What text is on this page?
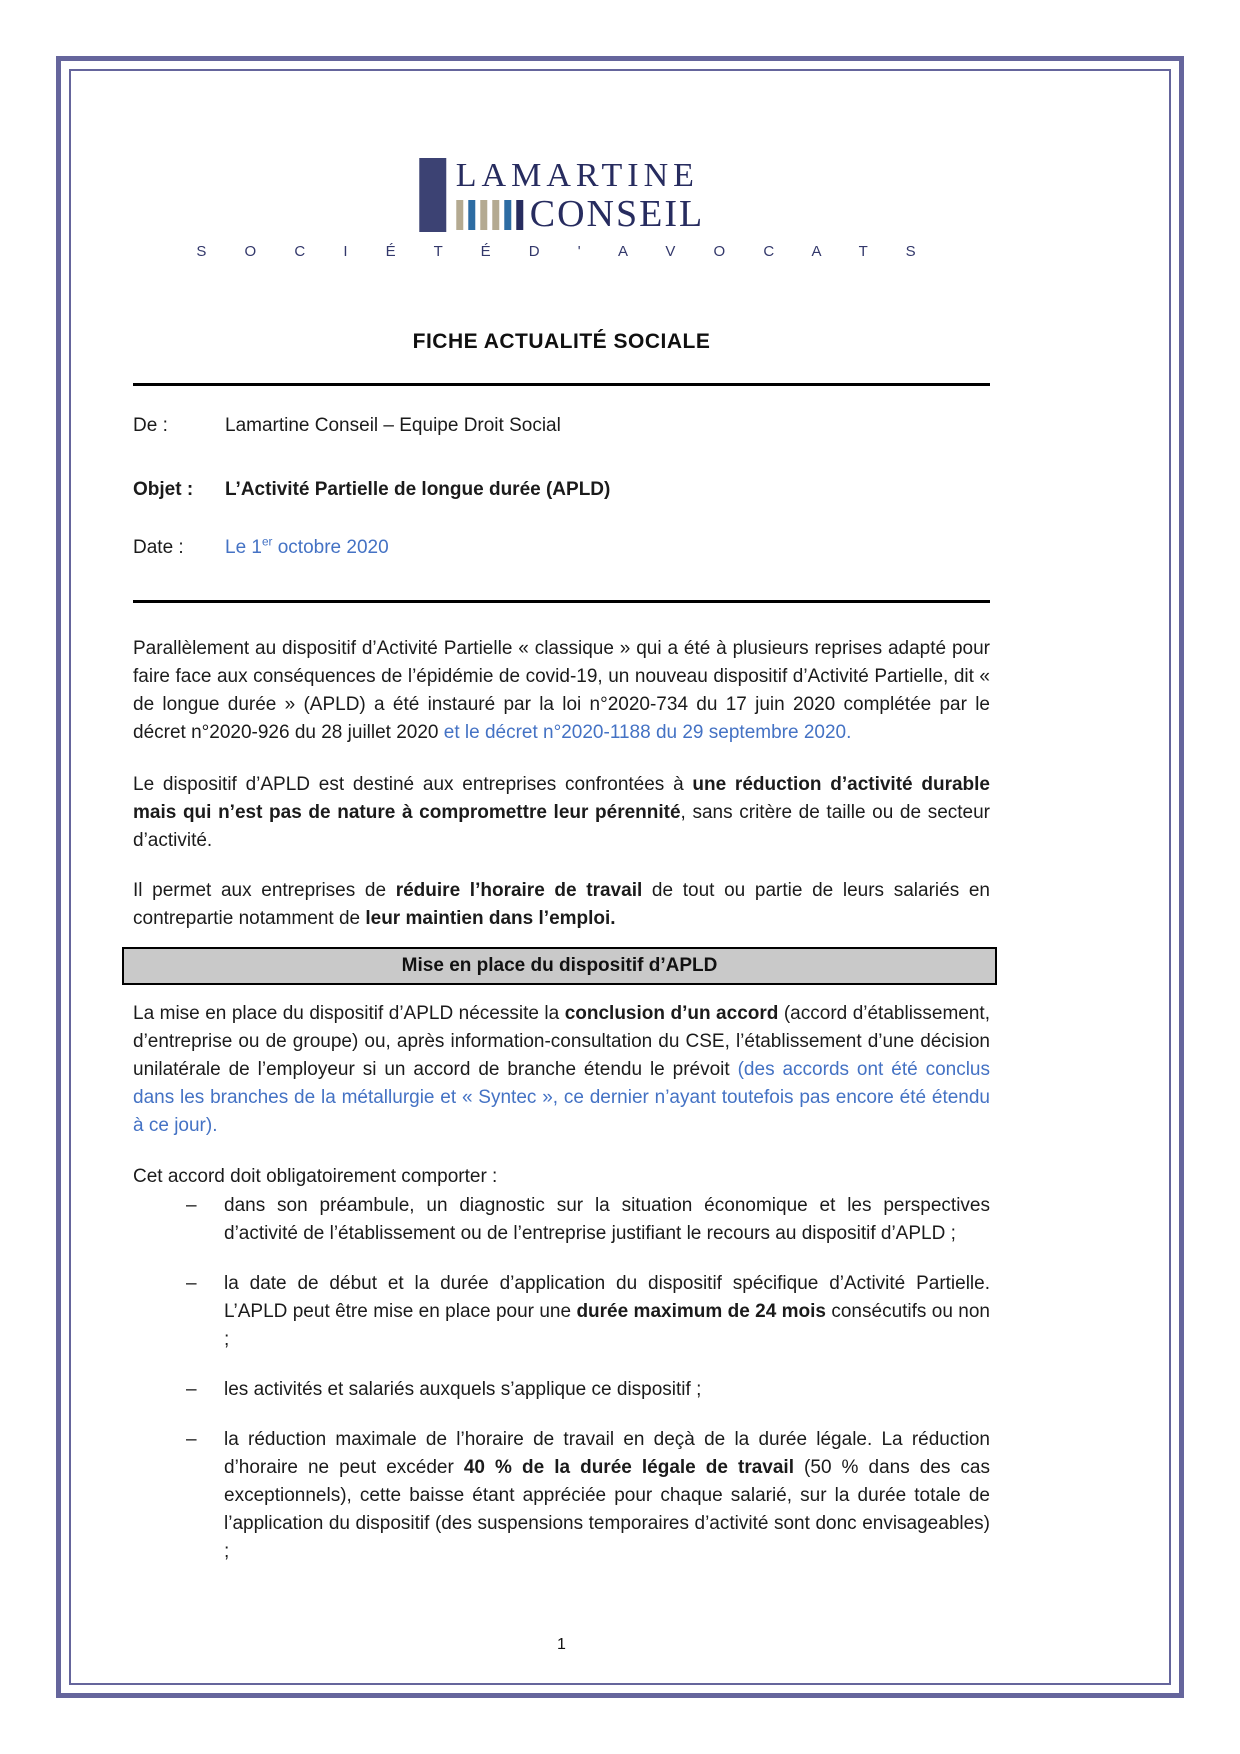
LAMARTINE
CONSEIL
S O C I É T É D ' A V O C A T S
FICHE ACTUALITÉ SOCIALE
De :	Lamartine Conseil – Equipe Droit Social
Objet :	L’Activité Partielle de longue durée (APLD)
Date :	Le 1er octobre 2020
Parallèlement au dispositif d’Activité Partielle « classique » qui a été à plusieurs reprises adapté pour faire face aux conséquences de l’épidémie de covid-19, un nouveau dispositif d’Activité Partielle, dit « de longue durée » (APLD) a été instauré par la loi n°2020-734 du 17 juin 2020 complétée par le décret n°2020-926 du 28 juillet 2020 et le décret n°2020-1188 du 29 septembre 2020.
Le dispositif d’APLD est destiné aux entreprises confrontées à une réduction d’activité durable mais qui n’est pas de nature à compromettre leur pérennité, sans critère de taille ou de secteur d’activité.
Il permet aux entreprises de réduire l’horaire de travail de tout ou partie de leurs salariés en contrepartie notamment de leur maintien dans l’emploi.
Mise en place du dispositif d’APLD
La mise en place du dispositif d’APLD nécessite la conclusion d’un accord (accord d’établissement, d’entreprise ou de groupe) ou, après information-consultation du CSE, l’établissement d’une décision unilatérale de l’employeur si un accord de branche étendu le prévoit (des accords ont été conclus dans les branches de la métallurgie et « Syntec », ce dernier n’ayant toutefois pas encore été étendu à ce jour).
Cet accord doit obligatoirement comporter :
–	dans son préambule, un diagnostic sur la situation économique et les perspectives d’activité de l’établissement ou de l’entreprise justifiant le recours au dispositif d’APLD ;
–	la date de début et la durée d’application du dispositif spécifique d’Activité Partielle. L’APLD peut être mise en place pour une durée maximum de 24 mois consécutifs ou non ;
–	les activités et salariés auxquels s’applique ce dispositif ;
–	la réduction maximale de l’horaire de travail en deçà de la durée légale. La réduction d’horaire ne peut excéder 40 % de la durée légale de travail (50 % dans des cas exceptionnels), cette baisse étant appréciée pour chaque salarié, sur la durée totale de l’application du dispositif (des suspensions temporaires d’activité sont donc envisageables) ;
1
